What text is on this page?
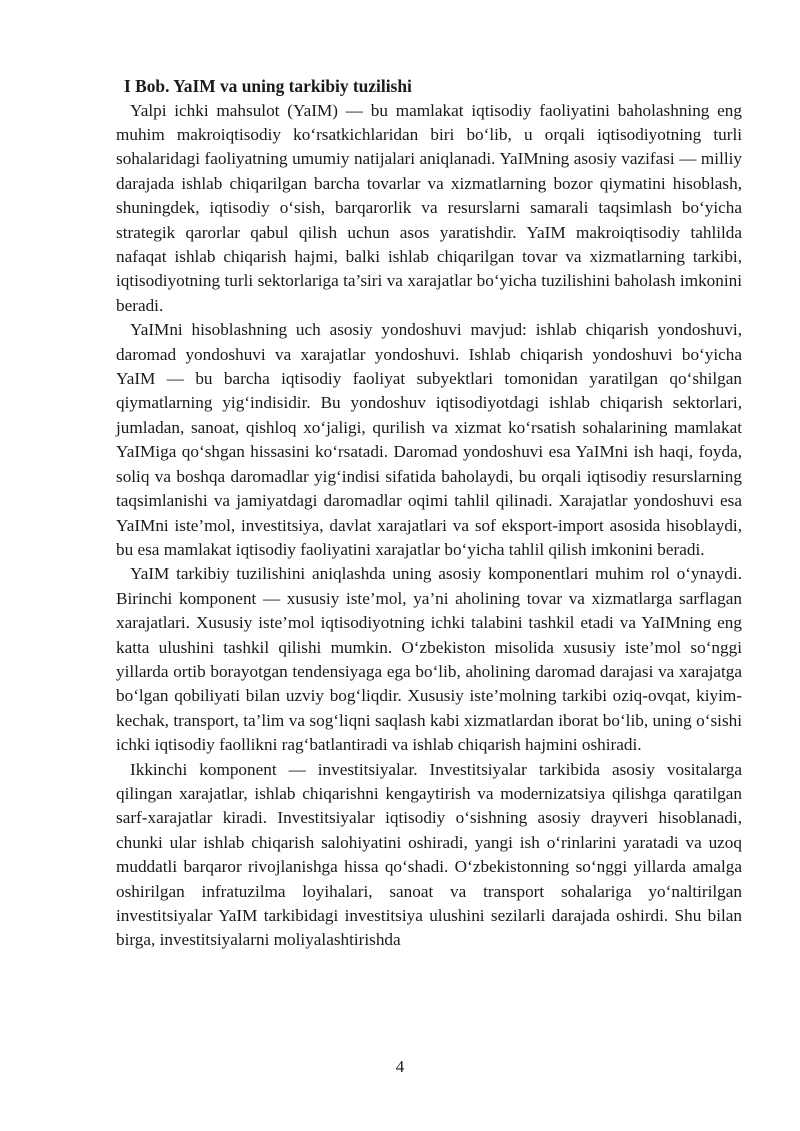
I Bob. YaIM va uning tarkibiy tuzilishi

Yalpi ichki mahsulot (YaIM) — bu mamlakat iqtisodiy faoliyatini baholashning eng muhim makroiqtisodiy ko‘rsatkichlaridan biri bo‘lib, u orqali iqtisodiyotning turli sohalaridagi faoliyatning umumiy natijalari aniqlanadi. YaIMning asosiy vazifasi — milliy darajada ishlab chiqarilgan barcha tovarlar va xizmatlarning bozor qiymatini hisoblash, shuningdek, iqtisodiy o‘sish, barqarorlik va resurslarni samarali taqsimlash bo‘yicha strategik qarorlar qabul qilish uchun asos yaratishdir. YaIM makroiqtisodiy tahlilda nafaqat ishlab chiqarish hajmi, balki ishlab chiqarilgan tovar va xizmatlarning tarkibi, iqtisodiyotning turli sektorlariga ta’siri va xarajatlar bo‘yicha tuzilishini baholash imkonini beradi.

YaIMni hisoblashning uch asosiy yondoshuvi mavjud: ishlab chiqarish yondoshuvi, daromad yondoshuvi va xarajatlar yondoshuvi. Ishlab chiqarish yondoshuvi bo‘yicha YaIM — bu barcha iqtisodiy faoliyat subyektlari tomonidan yaratilgan qo‘shilgan qiymatlarning yig‘indisidir. Bu yondoshuv iqtisodiyotdagi ishlab chiqarish sektorlari, jumladan, sanoat, qishloq xo‘jaligi, qurilish va xizmat ko‘rsatish sohalarining mamlakat YaIMiga qo‘shgan hissasini ko‘rsatadi. Daromad yondoshuvi esa YaIMni ish haqi, foyda, soliq va boshqa daromadlar yig‘indisi sifatida baholaydi, bu orqali iqtisodiy resurslarning taqsimlanishi va jamiyatdagi daromadlar oqimi tahlil qilinadi. Xarajatlar yondoshuvi esa YaIMni iste’mol, investitsiya, davlat xarajatlari va sof eksport-import asosida hisoblaydi, bu esa mamlakat iqtisodiy faoliyatini xarajatlar bo‘yicha tahlil qilish imkonini beradi.

YaIM tarkibiy tuzilishini aniqlashda uning asosiy komponentlari muhim rol o‘ynaydi. Birinchi komponent — xususiy iste’mol, ya’ni aholining tovar va xizmatlarga sarflagan xarajatlari. Xususiy iste’mol iqtisodiyotning ichki talabini tashkil etadi va YaIMning eng katta ulushini tashkil qilishi mumkin. O‘zbekiston misolida xususiy iste’mol so‘nggi yillarda ortib borayotgan tendensiyaga ega bo‘lib, aholining daromad darajasi va xarajatga bo‘lgan qobiliyati bilan uzviy bog‘liqdir. Xususiy iste’molning tarkibi oziq-ovqat, kiyim-kechak, transport, ta’lim va sog‘liqni saqlash kabi xizmatlardan iborat bo‘lib, uning o‘sishi ichki iqtisodiy faollikni rag‘batlantiradi va ishlab chiqarish hajmini oshiradi.

Ikkinchi komponent — investitsiyalar. Investitsiyalar tarkibida asosiy vositalarga qilingan xarajatlar, ishlab chiqarishni kengaytirish va modernizatsiya qilishga qaratilgan sarf-xarajatlar kiradi. Investitsiyalar iqtisodiy o‘sishning asosiy drayveri hisoblanadi, chunki ular ishlab chiqarish salohiyatini oshiradi, yangi ish o‘rinlarini yaratadi va uzoq muddatli barqaror rivojlanishga hissa qo‘shadi. O‘zbekistonning so‘nggi yillarda amalga oshirilgan infratuzilma loyihalari, sanoat va transport sohalariga yo‘naltirilgan investitsiyalar YaIM tarkibidagi investitsiya ulushini sezilarli darajada oshirdi. Shu bilan birga, investitsiyalarni moliyalashtirishda

4
